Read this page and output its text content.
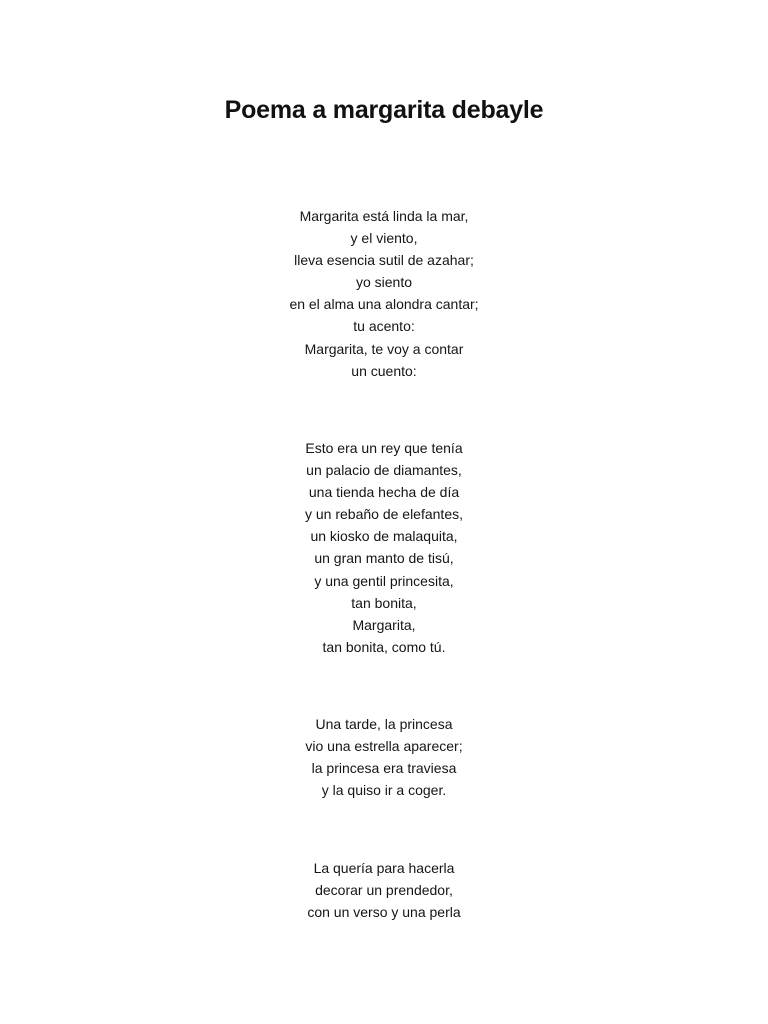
Poema a margarita debayle
Margarita está linda la mar,
y el viento,
lleva esencia sutil de azahar;
yo siento
en el alma una alondra cantar;
tu acento:
Margarita, te voy a contar
un cuento:
Esto era un rey que tenía
un palacio de diamantes,
una tienda hecha de día
y un rebaño de elefantes,
un kiosko de malaquita,
un gran manto de tisú,
y una gentil princesita,
tan bonita,
Margarita,
tan bonita, como tú.
Una tarde, la princesa
vio una estrella aparecer;
la princesa era traviesa
y la quiso ir a coger.
La quería para hacerla
decorar un prendedor,
con un verso y una perla
